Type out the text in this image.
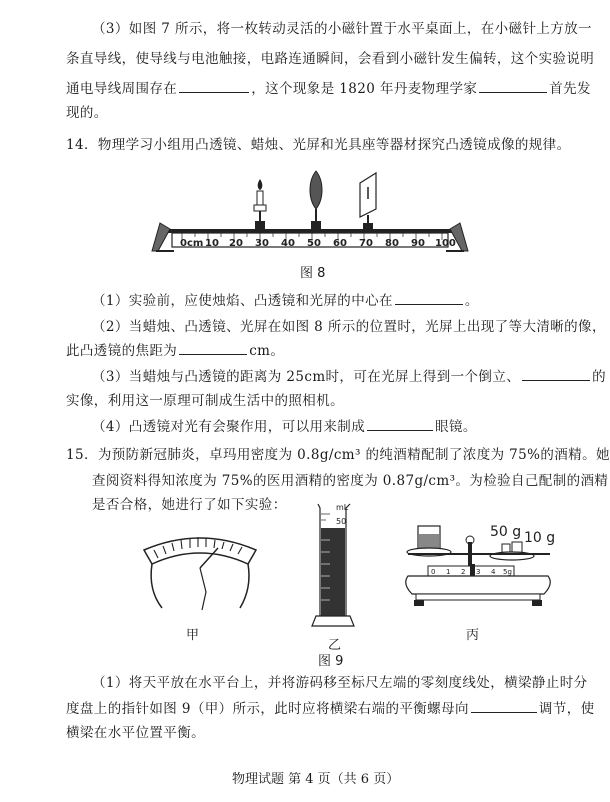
（3）如图 7 所示，将一枚转动灵活的小磁针置于水平桌面上，在小磁针上方放一
条直导线，使导线与电池触接，电路连通瞬间，会看到小磁针发生偏转，这个实验说明
通电导线周围存在	，这个现象是 1820 年丹麦物理学家	首先发
现的。
14．物理学习小组用凸透镜、蜡烛、光屏和光具座等器材探究凸透镜成像的规律。
0cm 10 20 30 40 50 60 70 80 90 100
图 8
（1）实验前，应使烛焰、凸透镜和光屏的中心在	。
（2）当蜡烛、凸透镜、光屏在如图 8 所示的位置时，光屏上出现了等大清晰的像，
此凸透镜的焦距为	cm。
（3）当蜡烛与凸透镜的距离为 25cm时，可在光屏上得到一个倒立、	的
实像，利用这一原理可制成生活中的照相机。
（4）凸透镜对光有会聚作用，可以用来制成	眼镜。
15．为预防新冠肺炎，卓玛用密度为 0.8g/cm³ 的纯酒精配制了浓度为 75%的酒精。她
查阅资料得知浓度为 75%的医用酒精的密度为 0.87g/cm³。为检验自己配制的酒精
是否合格，她进行了如下实验：	mL
50
50 g 10 g
0 1 2 3 4 5g
甲
乙
丙
图 9
（1）将天平放在水平台上，并将游码移至标尺左端的零刻度线处，横梁静止时分
度盘上的指针如图 9（甲）所示，此时应将横梁右端的平衡螺母向	调节，使
横梁在水平位置平衡。
物理试题 第 4 页（共 6 页）
